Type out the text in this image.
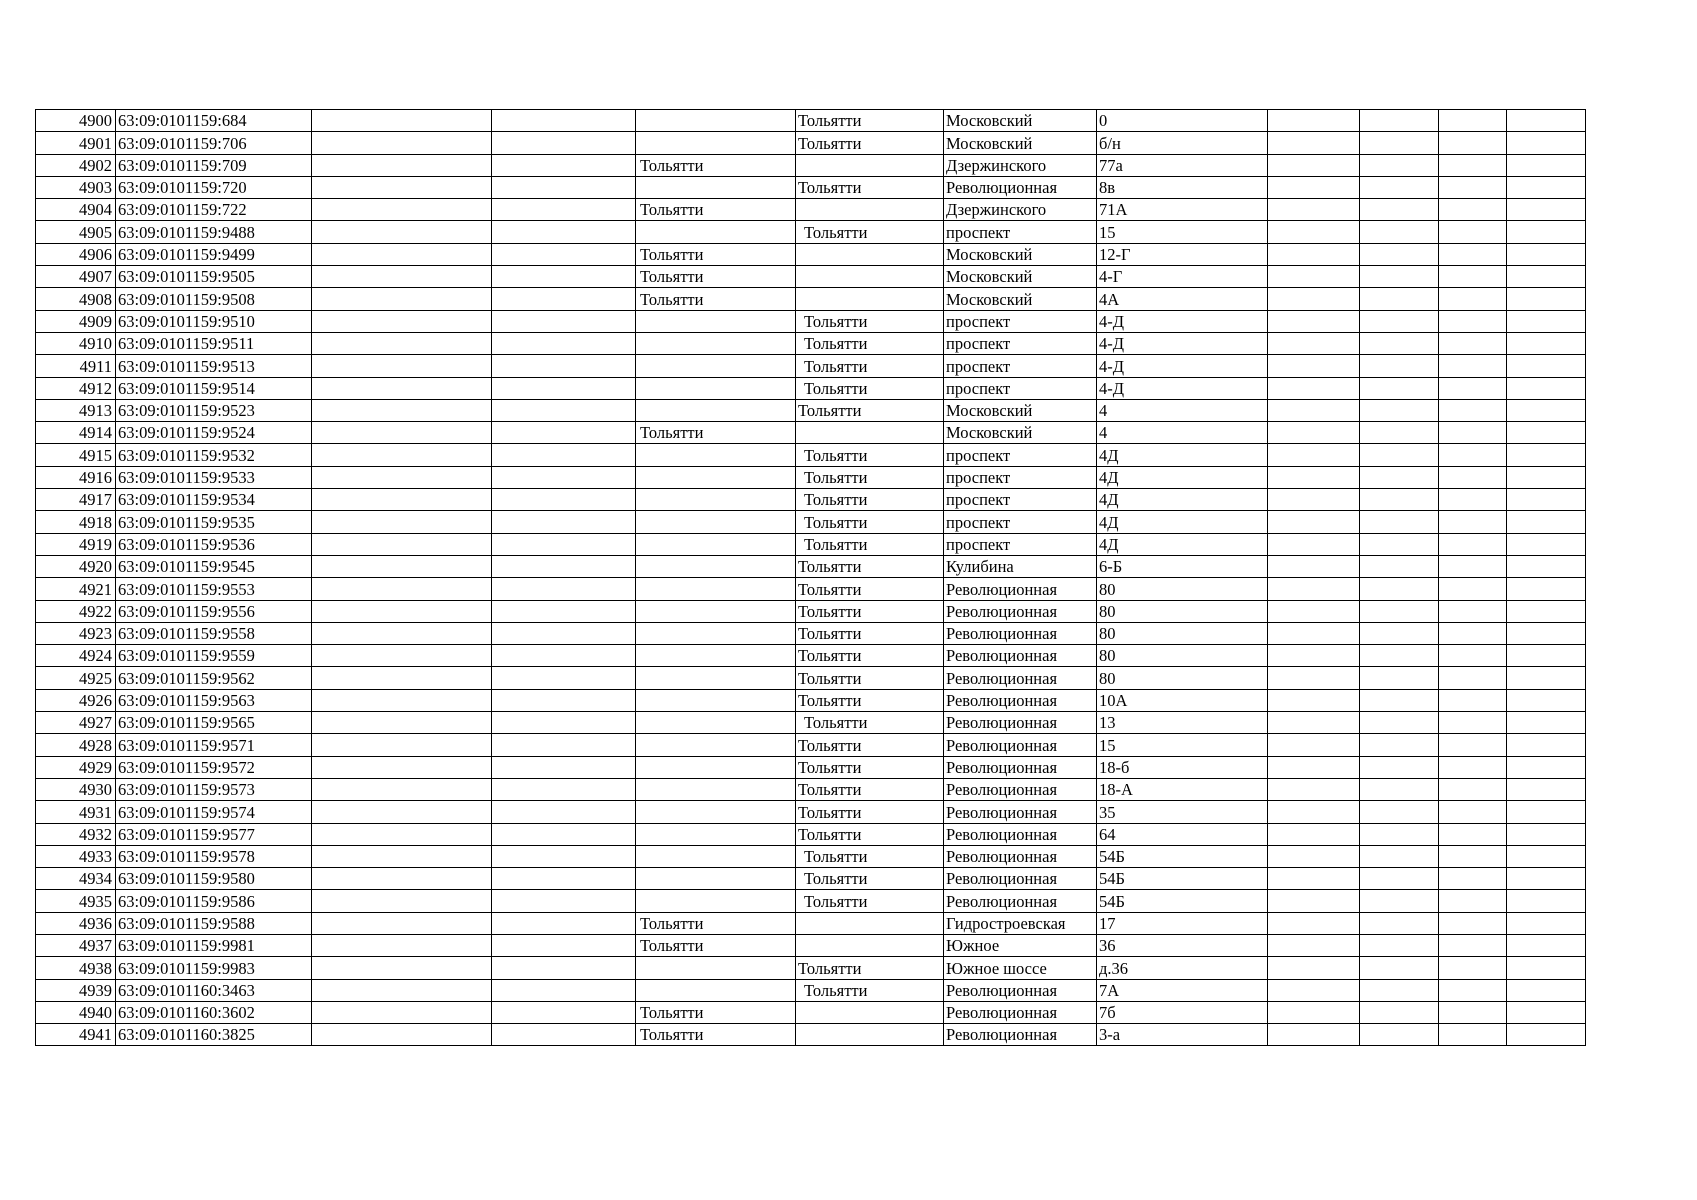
4900	63:09:0101159:684				Тольятти	Московский	0				
4901	63:09:0101159:706				Тольятти	Московский	б/н				
4902	63:09:0101159:709			Тольятти		Дзержинского	77а				
4903	63:09:0101159:720				Тольятти	Революционная	8в				
4904	63:09:0101159:722			Тольятти		Дзержинского	71А				
4905	63:09:0101159:9488				Тольятти	проспект	15				
4906	63:09:0101159:9499			Тольятти		Московский	12-Г				
4907	63:09:0101159:9505			Тольятти		Московский	4-Г				
4908	63:09:0101159:9508			Тольятти		Московский	4А				
4909	63:09:0101159:9510				Тольятти	проспект	4-Д				
4910	63:09:0101159:9511				Тольятти	проспект	4-Д				
4911	63:09:0101159:9513				Тольятти	проспект	4-Д				
4912	63:09:0101159:9514				Тольятти	проспект	4-Д				
4913	63:09:0101159:9523				Тольятти	Московский	4				
4914	63:09:0101159:9524			Тольятти		Московский	4				
4915	63:09:0101159:9532				Тольятти	проспект	4Д				
4916	63:09:0101159:9533				Тольятти	проспект	4Д				
4917	63:09:0101159:9534				Тольятти	проспект	4Д				
4918	63:09:0101159:9535				Тольятти	проспект	4Д				
4919	63:09:0101159:9536				Тольятти	проспект	4Д				
4920	63:09:0101159:9545				Тольятти	Кулибина	6-Б				
4921	63:09:0101159:9553				Тольятти	Революционная	80				
4922	63:09:0101159:9556				Тольятти	Революционная	80				
4923	63:09:0101159:9558				Тольятти	Революционная	80				
4924	63:09:0101159:9559				Тольятти	Революционная	80				
4925	63:09:0101159:9562				Тольятти	Революционная	80				
4926	63:09:0101159:9563				Тольятти	Революционная	10А				
4927	63:09:0101159:9565				Тольятти	Революционная	13				
4928	63:09:0101159:9571				Тольятти	Революционная	15				
4929	63:09:0101159:9572				Тольятти	Революционная	18-б				
4930	63:09:0101159:9573				Тольятти	Революционная	18-А				
4931	63:09:0101159:9574				Тольятти	Революционная	35				
4932	63:09:0101159:9577				Тольятти	Революционная	64				
4933	63:09:0101159:9578				Тольятти	Революционная	54Б				
4934	63:09:0101159:9580				Тольятти	Революционная	54Б				
4935	63:09:0101159:9586				Тольятти	Революционная	54Б				
4936	63:09:0101159:9588			Тольятти		Гидростроевская	17				
4937	63:09:0101159:9981			Тольятти		Южное	36				
4938	63:09:0101159:9983				Тольятти	Южное шоссе	д.36				
4939	63:09:0101160:3463				Тольятти	Революционная	7А				
4940	63:09:0101160:3602			Тольятти		Революционная	7б				
4941	63:09:0101160:3825			Тольятти		Революционная	3-а				
